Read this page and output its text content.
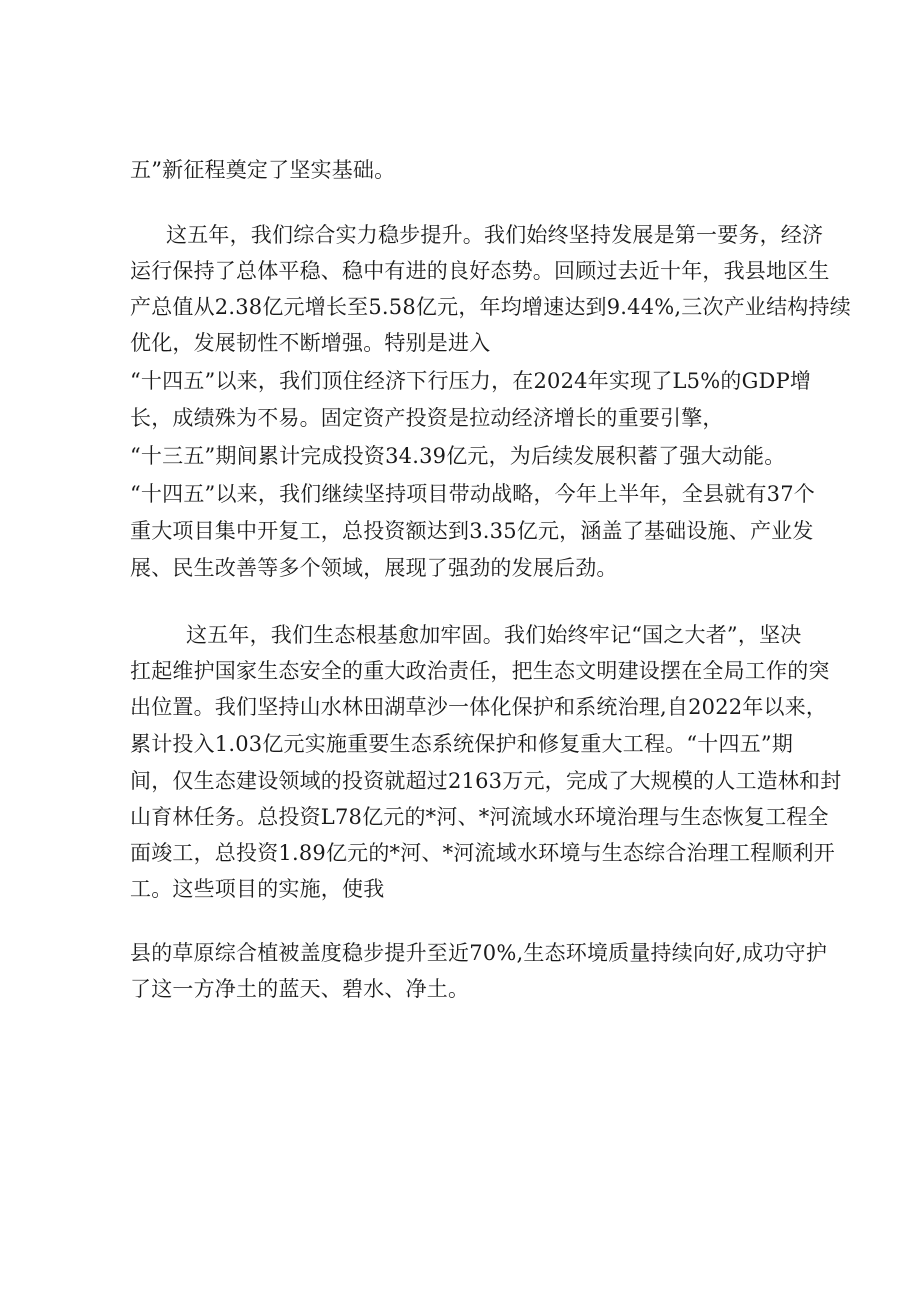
五”新征程奠定了坚实基础。
这五年，我们综合实力稳步提升。我们始终坚持发展是第一要务，经济
运行保持了总体平稳、稳中有进的良好态势。回顾过去近十年，我县地区生
产总值从2.38亿元增长至5.58亿元，年均增速达到9.44%,三次产业结构持续
优化，发展韧性不断增强。特别是进入
“十四五”以来，我们顶住经济下行压力，在2024年实现了L5%的GDP增
长，成绩殊为不易。固定资产投资是拉动经济增长的重要引擎，
“十三五”期间累计完成投资34.39亿元，为后续发展积蓄了强大动能。
“十四五”以来，我们继续坚持项目带动战略，今年上半年，全县就有37个
重大项目集中开复工，总投资额达到3.35亿元，涵盖了基础设施、产业发
展、民生改善等多个领域，展现了强劲的发展后劲。
这五年，我们生态根基愈加牢固。我们始终牢记“国之大者”，坚决
扛起维护国家生态安全的重大政治责任，把生态文明建设摆在全局工作的突
出位置。我们坚持山水林田湖草沙一体化保护和系统治理,自2022年以来，
累计投入1.03亿元实施重要生态系统保护和修复重大工程。“十四五”期
间，仅生态建设领域的投资就超过2163万元，完成了大规模的人工造林和封
山育林任务。总投资L78亿元的*河、*河流域水环境治理与生态恢复工程全
面竣工，总投资1.89亿元的*河、*河流域水环境与生态综合治理工程顺利开
工。这些项目的实施，使我
县的草原综合植被盖度稳步提升至近70%,生态环境质量持续向好,成功守护
了这一方净土的蓝天、碧水、净土。
